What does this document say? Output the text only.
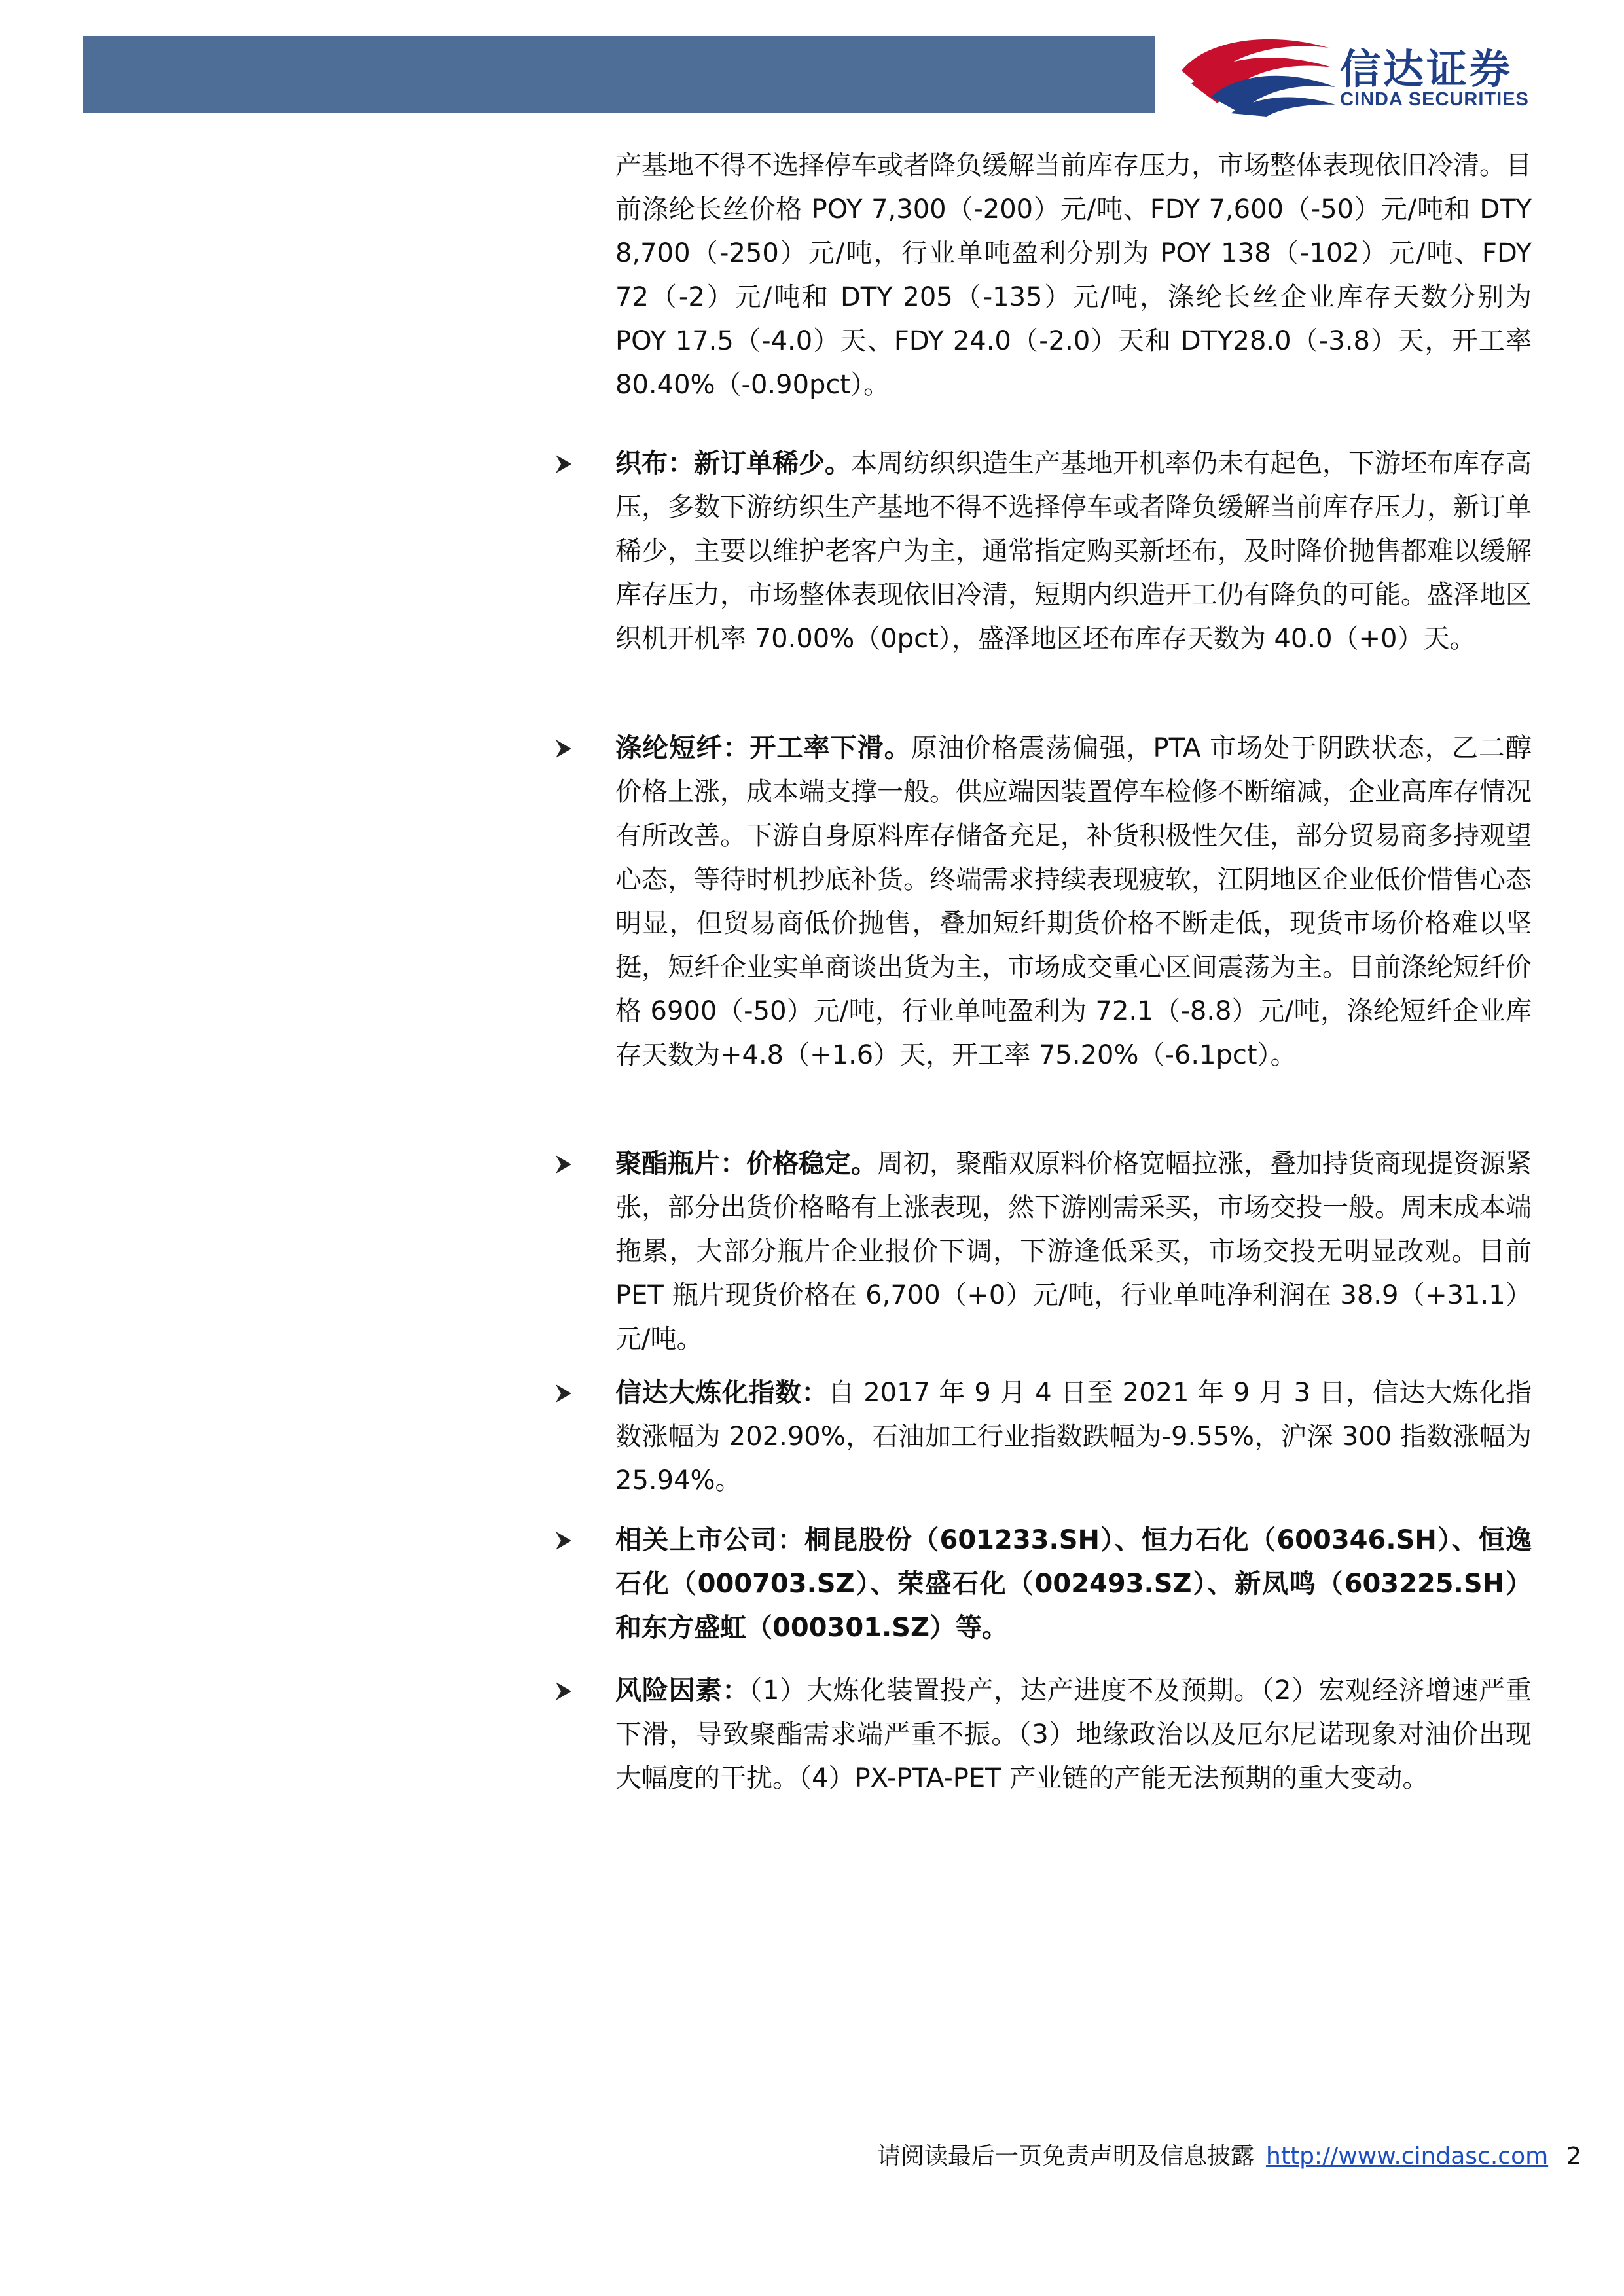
信达证券
CINDA SECURITIES

产基地不得不选择停车或者降负缓解当前库存压力，市场整体表现依旧冷清。目前涤纶长丝价格 POY 7,300（-200）元/吨、FDY 7,600（-50）元/吨和 DTY 8,700（-250）元/吨，行业单吨盈利分别为 POY 138（-102）元/吨、FDY 72（-2）元/吨和 DTY 205（-135）元/吨，涤纶长丝企业库存天数分别为 POY 17.5（-4.0）天、FDY 24.0（-2.0）天和 DTY28.0（-3.8）天，开工率 80.40%（-0.90pct）。

织布：新订单稀少。本周纺织织造生产基地开机率仍未有起色，下游坯布库存高压，多数下游纺织生产基地不得不选择停车或者降负缓解当前库存压力，新订单稀少，主要以维护老客户为主，通常指定购买新坯布，及时降价抛售都难以缓解库存压力，市场整体表现依旧冷清，短期内织造开工仍有降负的可能。盛泽地区织机开机率 70.00%（0pct），盛泽地区坯布库存天数为 40.0（+0）天。
涤纶短纤：开工率下滑。原油价格震荡偏强，PTA 市场处于阴跌状态，乙二醇价格上涨，成本端支撑一般。供应端因装置停车检修不断缩减，企业高库存情况有所改善。下游自身原料库存储备充足，补货积极性欠佳，部分贸易商多持观望心态，等待时机抄底补货。终端需求持续表现疲软，江阴地区企业低价惜售心态明显，但贸易商低价抛售，叠加短纤期货价格不断走低，现货市场价格难以坚挺，短纤企业实单商谈出货为主，市场成交重心区间震荡为主。目前涤纶短纤价格 6900（-50）元/吨，行业单吨盈利为 72.1（-8.8）元/吨，涤纶短纤企业库存天数为+4.8（+1.6）天，开工率 75.20%（-6.1pct）。
聚酯瓶片：价格稳定。周初，聚酯双原料价格宽幅拉涨，叠加持货商现提资源紧张，部分出货价格略有上涨表现，然下游刚需采买，市场交投一般。周末成本端拖累，大部分瓶片企业报价下调，下游逢低采买，市场交投无明显改观。目前 PET 瓶片现货价格在 6,700（+0）元/吨，行业单吨净利润在 38.9（+31.1）元/吨。
信达大炼化指数：自 2017 年 9 月 4 日至 2021 年 9 月 3 日，信达大炼化指数涨幅为 202.90%，石油加工行业指数跌幅为-9.55%，沪深 300 指数涨幅为 25.94%。
相关上市公司：桐昆股份（601233.SH）、恒力石化（600346.SH）、恒逸石化（000703.SZ）、荣盛石化（002493.SZ）、新凤鸣（603225.SH）和东方盛虹（000301.SZ）等。
风险因素：（1）大炼化装置投产，达产进度不及预期。（2）宏观经济增速严重下滑，导致聚酯需求端严重不振。（3）地缘政治以及厄尔尼诺现象对油价出现大幅度的干扰。（4）PX-PTA-PET 产业链的产能无法预期的重大变动。
请阅读最后一页免责声明及信息披露 http://www.cindasc.com 2
